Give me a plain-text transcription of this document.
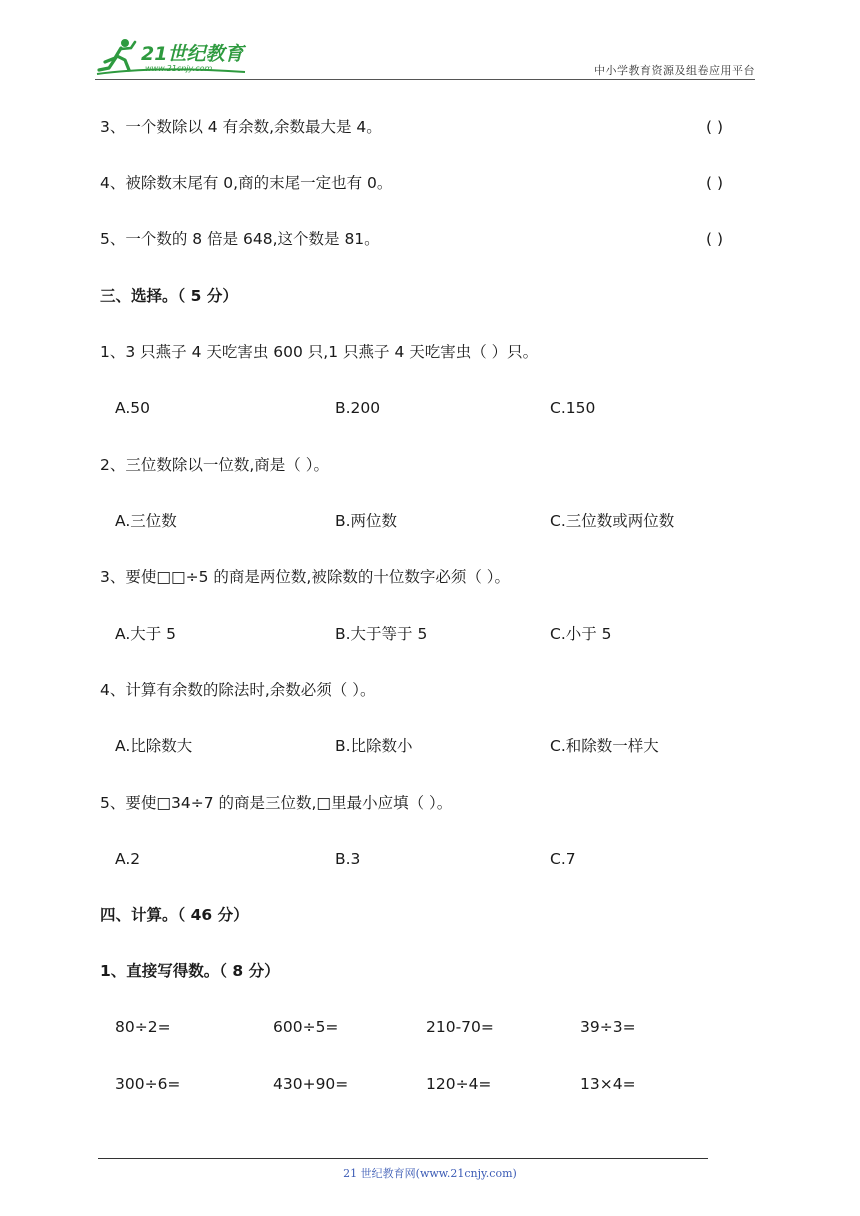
21世纪教育
www.21cnjy.com	中小学教育资源及组卷应用平台
3、一个数除以 4 有余数,余数最大是 4。	( )
4、被除数末尾有 0,商的末尾一定也有 0。	( )
5、一个数的 8 倍是 648,这个数是 81。	( )
三、选择。（ 5 分）
1、3 只燕子 4 天吃害虫 600 只,1 只燕子 4 天吃害虫（ ）只。
A.50	B.200	C.150
2、三位数除以一位数,商是（ ）。
A.三位数	B.两位数	C.三位数或两位数
3、要使□□÷5 的商是两位数,被除数的十位数字必须（ ）。
A.大于 5	B.大于等于 5	C.小于 5
4、计算有余数的除法时,余数必须（ ）。
A.比除数大	B.比除数小	C.和除数一样大
5、要使□34÷7 的商是三位数,□里最小应填（ ）。
A.2	B.3	C.7
四、计算。（ 46 分）
1、直接写得数。（ 8 分）
80÷2=	600÷5=	210-70=	39÷3=
300÷6=	430+90=	120÷4=	13×4=
21 世纪教育网(www.21cnjy.com)
